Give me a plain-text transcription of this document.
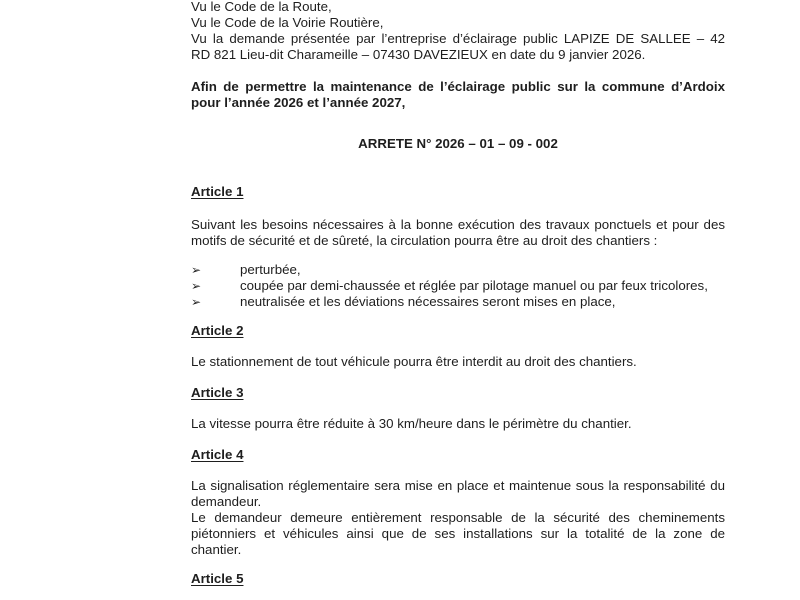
Vu le Code de la Route,
Vu le Code de la Voirie Routière,
Vu la demande présentée par l’entreprise d’éclairage public LAPIZE DE SALLEE – 42
RD 821 Lieu-dit Charameille – 07430 DAVEZIEUX en date du 9 janvier 2026.
Afin de permettre la maintenance de l’éclairage public sur la commune d’Ardoix
pour l’année 2026 et l’année 2027,
ARRETE N° 2026 – 01 – 09 - 002
Article 1
Suivant les besoins nécessaires à la bonne exécution des travaux ponctuels et pour des
motifs de sécurité et de sûreté, la circulation pourra être au droit des chantiers :
➢	perturbée,
➢	coupée par demi-chaussée et réglée par pilotage manuel ou par feux tricolores,
➢	neutralisée et les déviations nécessaires seront mises en place,
Article 2
Le stationnement de tout véhicule pourra être interdit au droit des chantiers.
Article 3
La vitesse pourra être réduite à 30 km/heure dans le périmètre du chantier.
Article 4
La signalisation réglementaire sera mise en place et maintenue sous la responsabilité du
demandeur.
Le demandeur demeure entièrement responsable de la sécurité des cheminements
piétonniers et véhicules ainsi que de ses installations sur la totalité de la zone de
chantier.
Article 5
